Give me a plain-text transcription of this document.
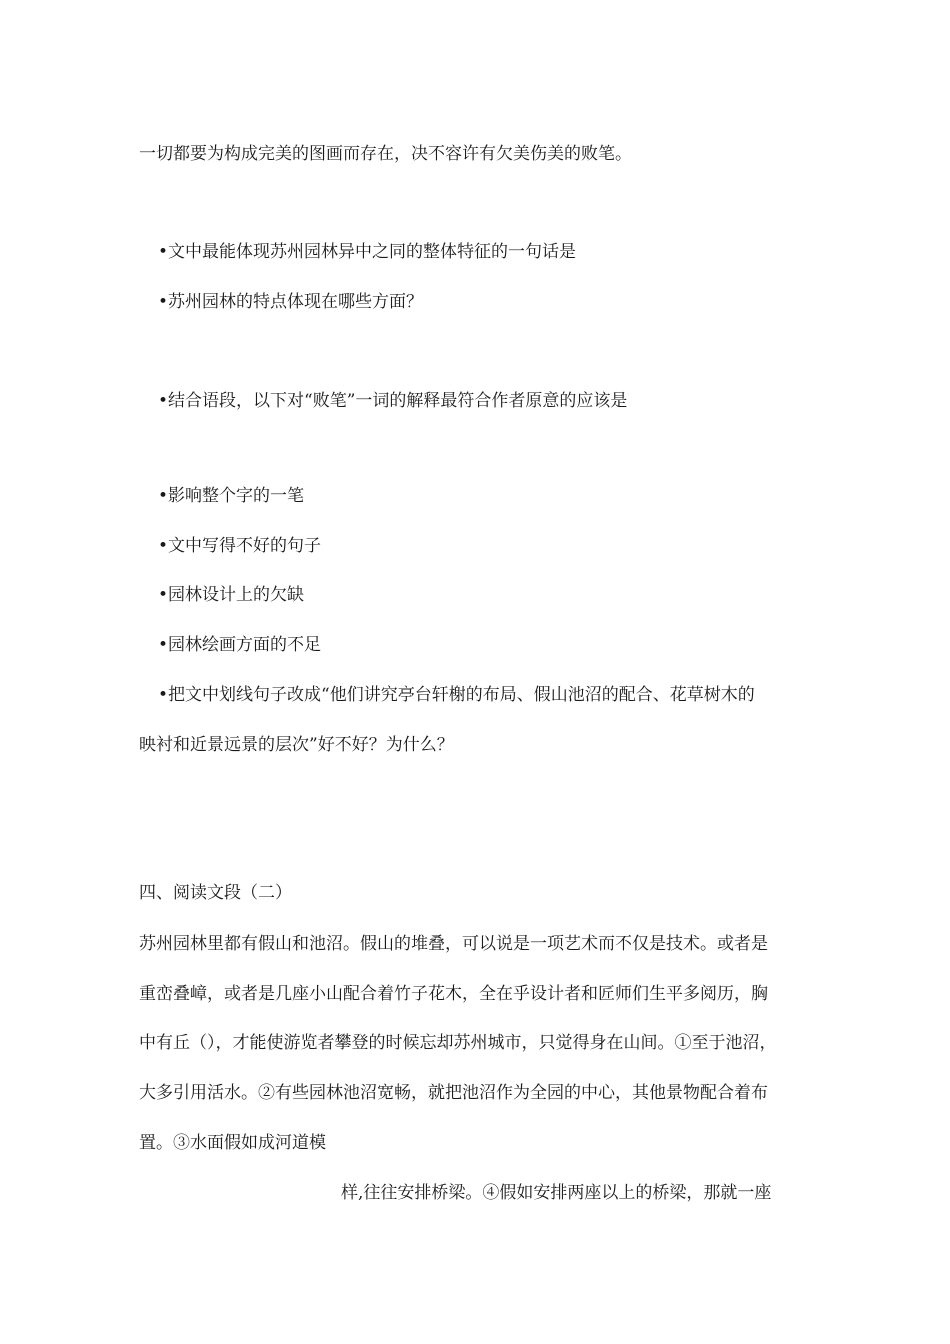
一切都要为构成完美的图画而存在，决不容许有欠美伤美的败笔。
•文中最能体现苏州园林异中之同的整体特征的一句话是
•苏州园林的特点体现在哪些方面？
•结合语段，以下对“败笔”一词的解释最符合作者原意的应该是
•影响整个字的一笔
•文中写得不好的句子
•园林设计上的欠缺
•园林绘画方面的不足
•把文中划线句子改成“他们讲究亭台轩榭的布局、假山池沼的配合、花草树木的
映衬和近景远景的层次”好不好？为什么？
四、阅读文段（二）
苏州园林里都有假山和池沼。假山的堆叠，可以说是一项艺术而不仅是技术。或者是
重峦叠嶂，或者是几座小山配合着竹子花木，全在乎设计者和匠师们生平多阅历，胸
中有丘（），才能使游览者攀登的时候忘却苏州城市，只觉得身在山间。①至于池沼，
大多引用活水。②有些园林池沼宽畅，就把池沼作为全园的中心，其他景物配合着布
置。③水面假如成河道模
样,往往安排桥梁。④假如安排两座以上的桥梁，那就一座
